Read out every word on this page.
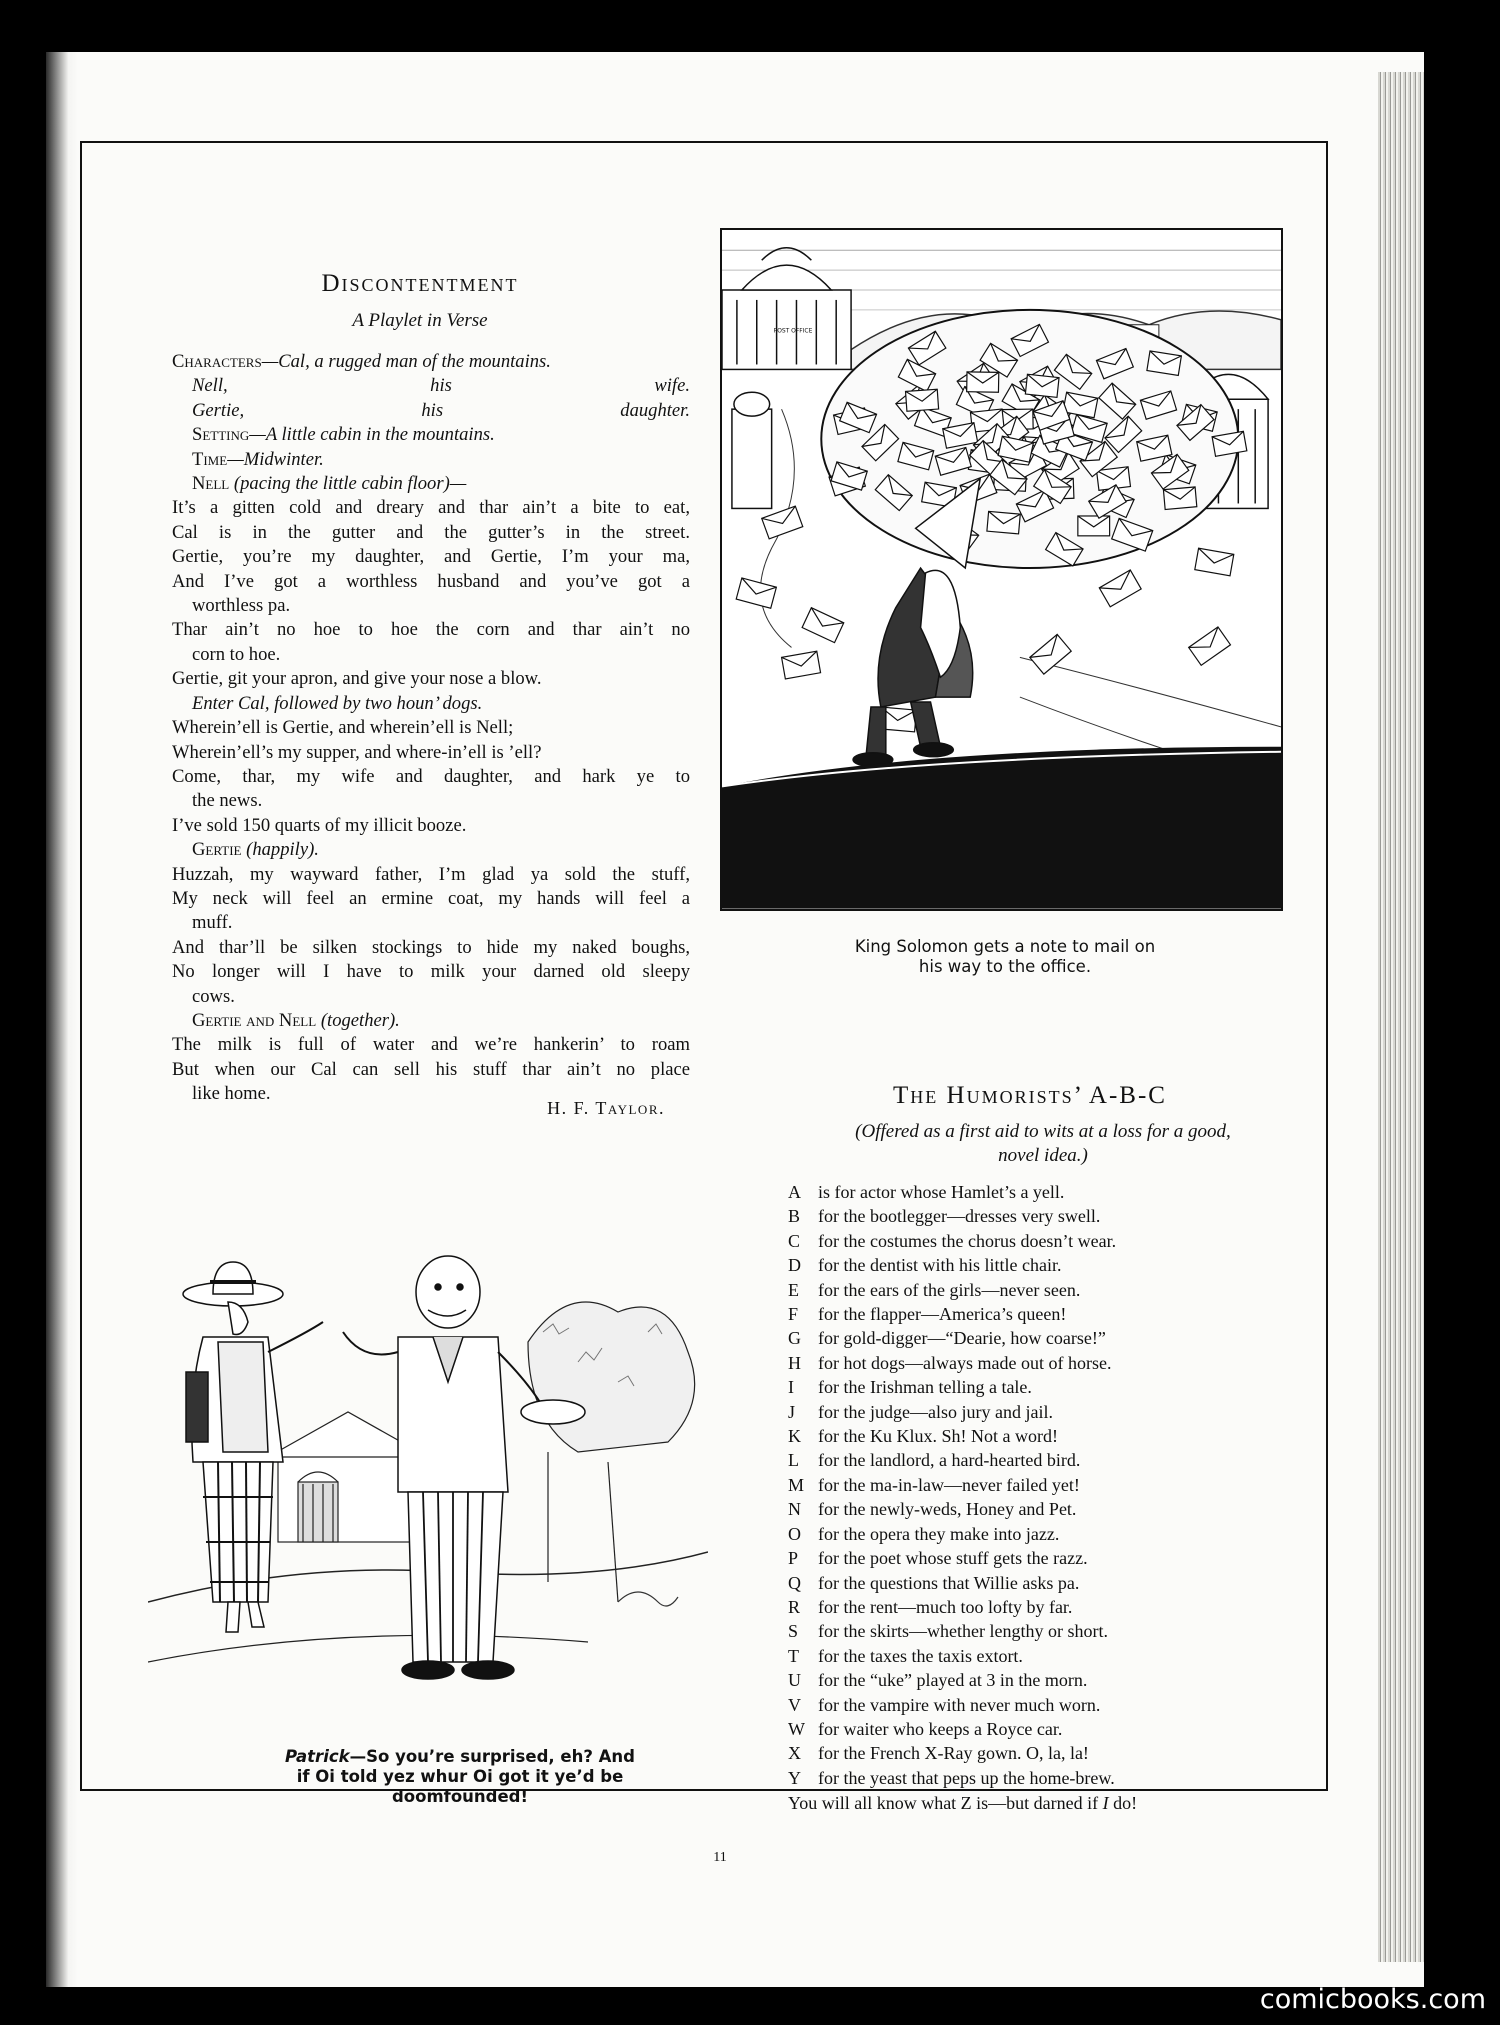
Discontentment
A Playlet in Verse
Characters—Cal, a rugged man of the mountains.
Nell, his wife.
Gertie, his daughter.
Setting—A little cabin in the mountains.
Time—Midwinter.
Nell (pacing the little cabin floor)—
It’s a gitten cold and dreary and thar ain’t a bite to eat,
Cal is in the gutter and the gutter’s in the street.
Gertie, you’re my daughter, and Gertie, I’m your ma,
And I’ve got a worthless husband and you’ve got a
worthless pa.
Thar ain’t no hoe to hoe the corn and thar ain’t no
corn to hoe.
Gertie, git your apron, and give your nose a blow.
Enter Cal, followed by two houn’ dogs.
Wherein’ell is Gertie, and wherein’ell is Nell;
Wherein’ell’s my supper, and where-in’ell is ’ell?
Come, thar, my wife and daughter, and hark ye to
the news.
I’ve sold 150 quarts of my illicit booze.
Gertie (happily).
Huzzah, my wayward father, I’m glad ya sold the stuff,
My neck will feel an ermine coat, my hands will feel a
muff.
And thar’ll be silken stockings to hide my naked boughs,
No longer will I have to milk your darned old sleepy
cows.
Gertie and Nell (together).
The milk is full of water and we’re hankerin’ to roam
But when our Cal can sell his stuff thar ain’t no place
like home.
H. F. Taylor.
POST OFFICE
King Solomon gets a note to mail on
his way to the office.
Patrick—So you’re surprised, eh? And
if Oi told yez whur Oi got it ye’d be
doomfounded!
The Humorists’ A-B-C
(Offered as a first aid to wits at a loss for a good,
novel idea.)
A is for actor whose Hamlet’s a yell.
B for the bootlegger—dresses very swell.
C for the costumes the chorus doesn’t wear.
D for the dentist with his little chair.
E for the ears of the girls—never seen.
F for the flapper—America’s queen!
G for gold-digger—“Dearie, how coarse!”
H for hot dogs—always made out of horse.
I for the Irishman telling a tale.
J for the judge—also jury and jail.
K for the Ku Klux. Sh! Not a word!
L for the landlord, a hard-hearted bird.
M for the ma-in-law—never failed yet!
N for the newly-weds, Honey and Pet.
O for the opera they make into jazz.
P for the poet whose stuff gets the razz.
Q for the questions that Willie asks pa.
R for the rent—much too lofty by far.
S for the skirts—whether lengthy or short.
T for the taxes the taxis extort.
U for the “uke” played at 3 in the morn.
V for the vampire with never much worn.
W for waiter who keeps a Royce car.
X for the French X-Ray gown. O, la, la!
Y for the yeast that peps up the home-brew.
You will all know what Z is—but darned if I do!
11
comicbooks.com
